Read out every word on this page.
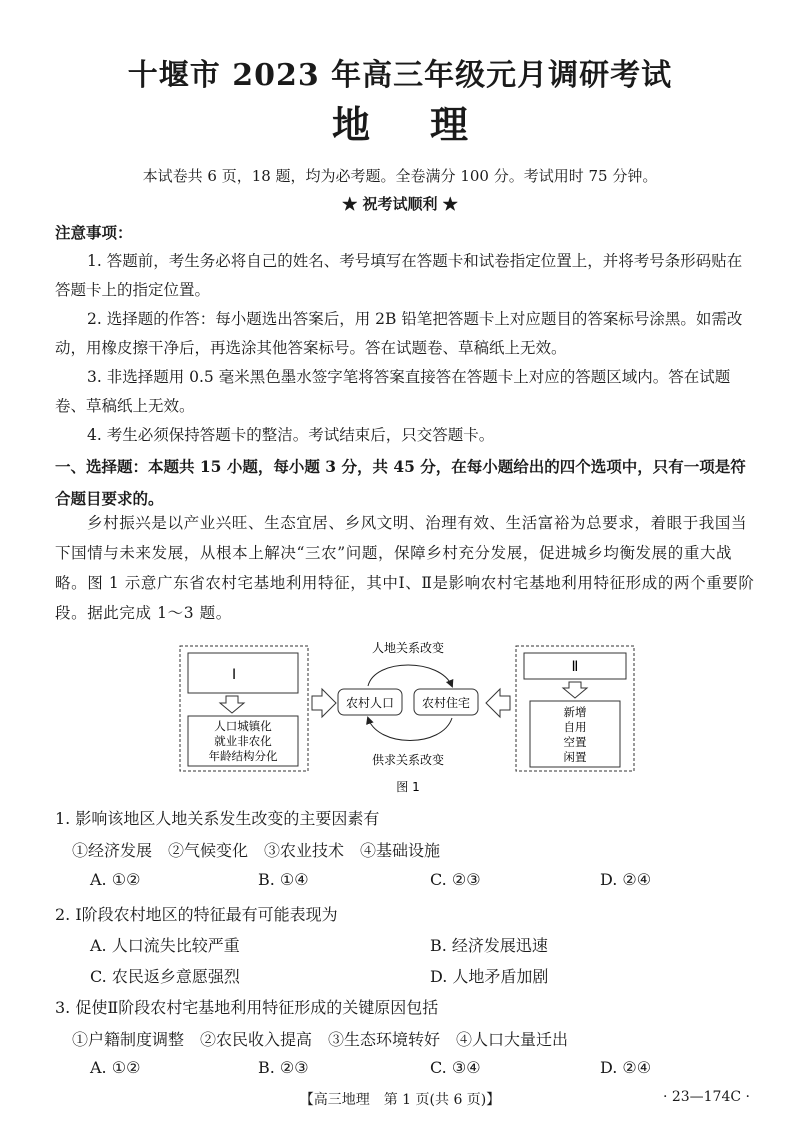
十堰市 2023 年高三年级元月调研考试
地理
本试卷共 6 页，18 题，均为必考题。全卷满分 100 分。考试用时 75 分钟。
★ 祝考试顺利 ★
注意事项：
1. 答题前，考生务必将自己的姓名、考号填写在答题卡和试卷指定位置上，并将考号条形码贴在答题卡上的指定位置。
2. 选择题的作答：每小题选出答案后，用 2B 铅笔把答题卡上对应题目的答案标号涂黑。如需改动，用橡皮擦干净后，再选涂其他答案标号。答在试题卷、草稿纸上无效。
3. 非选择题用 0.5 毫米黑色墨水签字笔将答案直接答在答题卡上对应的答题区域内。答在试题卷、草稿纸上无效。
4. 考生必须保持答题卡的整洁。考试结束后，只交答题卡。
一、选择题：本题共 15 小题，每小题 3 分，共 45 分，在每小题给出的四个选项中，只有一项是符合题目要求的。
乡村振兴是以产业兴旺、生态宜居、乡风文明、治理有效、生活富裕为总要求，着眼于我国当下国情与未来发展，从根本上解决“三农”问题，保障乡村充分发展，促进城乡均衡发展的重大战略。图 1 示意广东省农村宅基地利用特征，其中Ⅰ、Ⅱ是影响农村宅基地利用特征形成的两个重要阶段。据此完成 1～3 题。
Ⅰ
人口城镇化
就业非农化
年龄结构分化
农村人口 农村住宅
人地关系改变
供求关系改变
Ⅱ
新增
自用
空置
闲置
图 1
1. 影响该地区人地关系发生改变的主要因素有
①经济发展　②气候变化　③农业技术　④基础设施
A. ①②	B. ①④	C. ②③	D. ②④
2. Ⅰ阶段农村地区的特征最有可能表现为
A. 人口流失比较严重	B. 经济发展迅速
C. 农民返乡意愿强烈	D. 人地矛盾加剧
3. 促使Ⅱ阶段农村宅基地利用特征形成的关键原因包括
①户籍制度调整　②农民收入提高　③生态环境转好　④人口大量迁出
A. ①②	B. ②③	C. ③④	D. ②④
【高三地理　第 1 页(共 6 页)】	· 23—174C ·
